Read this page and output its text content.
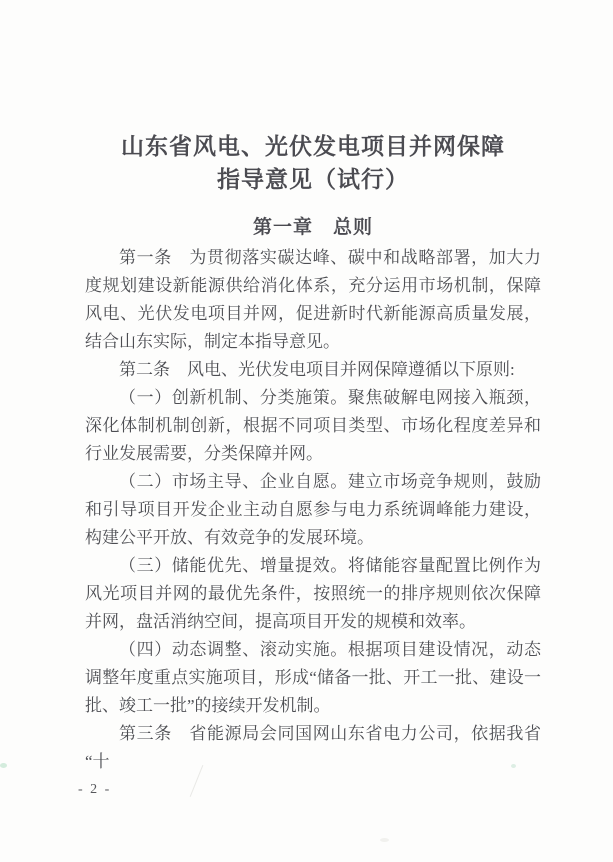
山东省风电、光伏发电项目并网保障
指导意见（试行）
第一章　总则

第一条　为贯彻落实碳达峰、碳中和战略部署，加大力度规划建设新能源供给消化体系，充分运用市场机制，保障风电、光伏发电项目并网，促进新时代新能源高质量发展，结合山东实际，制定本指导意见。

第二条　风电、光伏发电项目并网保障遵循以下原则:

（一）创新机制、分类施策。聚焦破解电网接入瓶颈，深化体制机制创新，根据不同项目类型、市场化程度差异和行业发展需要，分类保障并网。

（二）市场主导、企业自愿。建立市场竞争规则，鼓励和引导项目开发企业主动自愿参与电力系统调峰能力建设，构建公平开放、有效竞争的发展环境。

（三）储能优先、增量提效。将储能容量配置比例作为风光项目并网的最优先条件，按照统一的排序规则依次保障并网，盘活消纳空间，提高项目开发的规模和效率。

（四）动态调整、滚动实施。根据项目建设情况，动态调整年度重点实施项目，形成“储备一批、开工一批、建设一批、竣工一批”的接续开发机制。

第三条　省能源局会同国网山东省电力公司，依据我省“十

- 2 -
